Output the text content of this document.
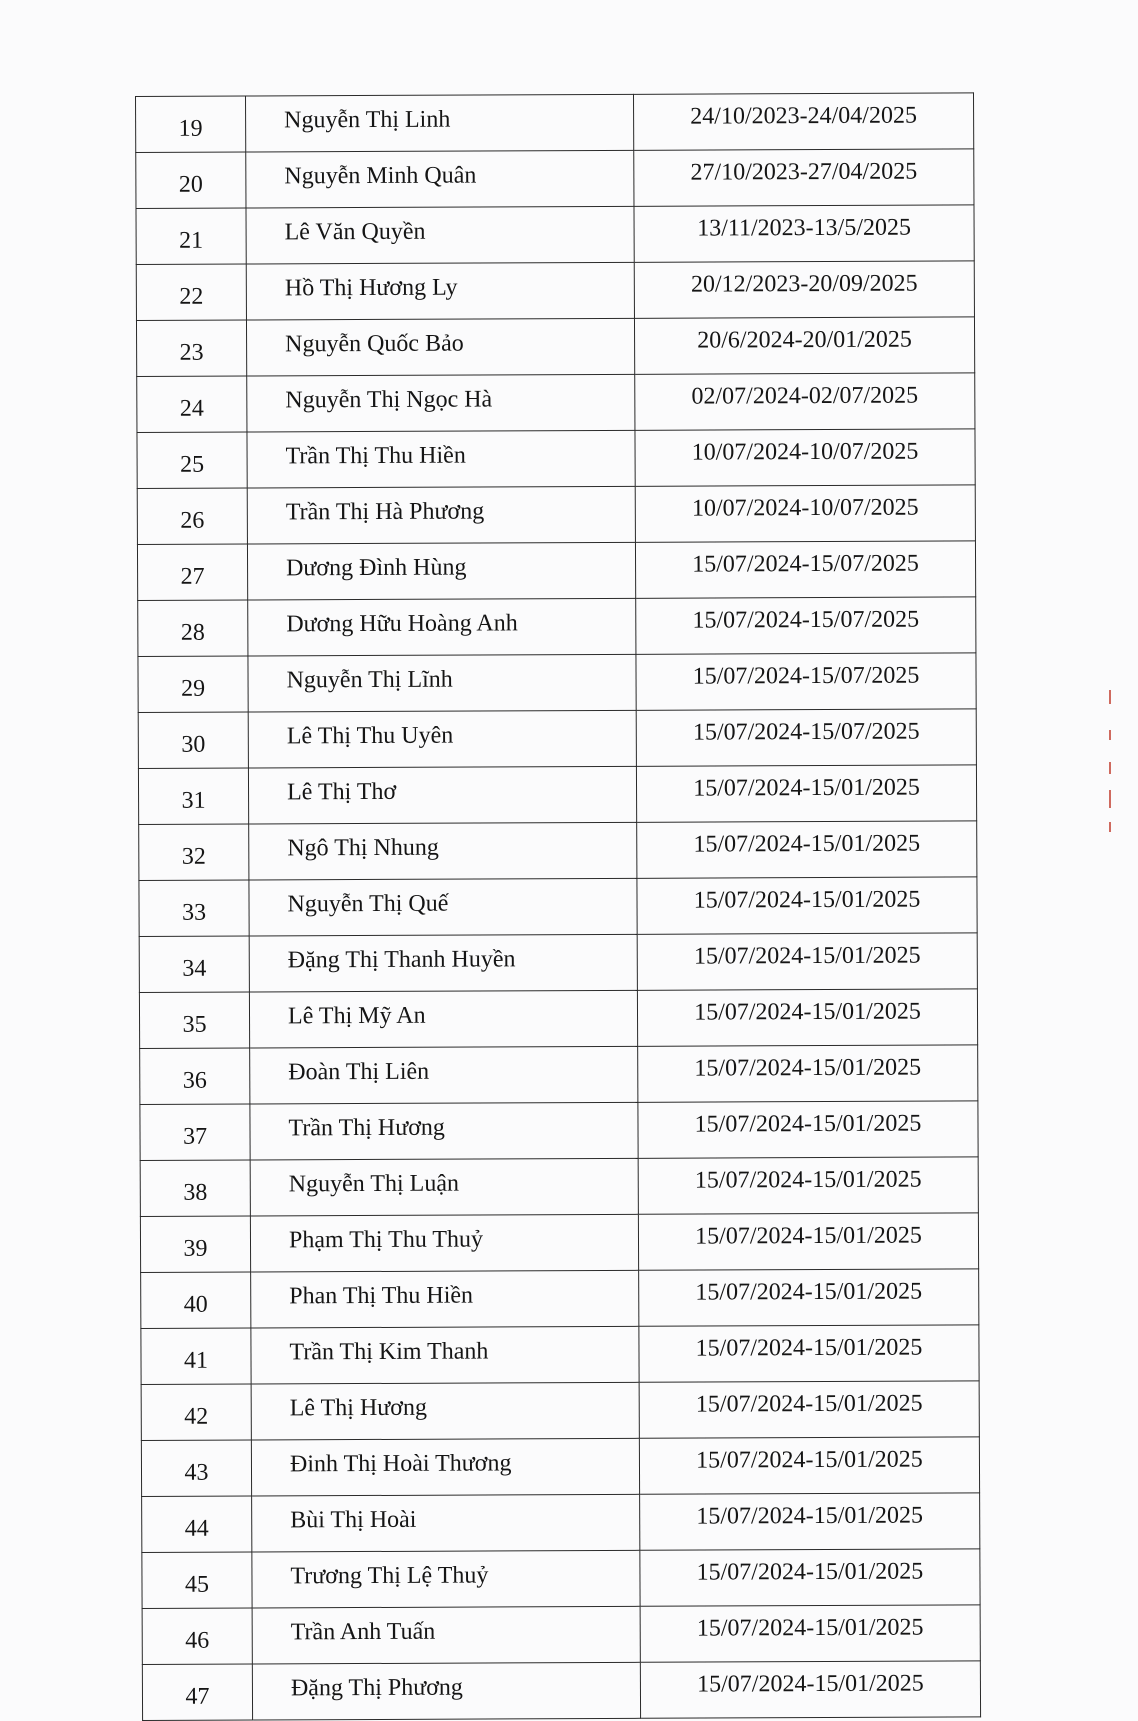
19	Nguyễn Thị Linh	24/10/2023-24/04/2025
20	Nguyễn Minh Quân	27/10/2023-27/04/2025
21	Lê Văn Quyền	13/11/2023-13/5/2025
22	Hồ Thị Hương Ly	20/12/2023-20/09/2025
23	Nguyễn Quốc Bảo	20/6/2024-20/01/2025
24	Nguyễn Thị Ngọc Hà	02/07/2024-02/07/2025
25	Trần Thị Thu Hiền	10/07/2024-10/07/2025
26	Trần Thị Hà Phương	10/07/2024-10/07/2025
27	Dương Đình Hùng	15/07/2024-15/07/2025
28	Dương Hữu Hoàng Anh	15/07/2024-15/07/2025
29	Nguyễn Thị Lĩnh	15/07/2024-15/07/2025
30	Lê Thị Thu Uyên	15/07/2024-15/07/2025
31	Lê Thị Thơ	15/07/2024-15/01/2025
32	Ngô Thị Nhung	15/07/2024-15/01/2025
33	Nguyễn Thị Quế	15/07/2024-15/01/2025
34	Đặng Thị Thanh Huyền	15/07/2024-15/01/2025
35	Lê Thị Mỹ An	15/07/2024-15/01/2025
36	Đoàn Thị Liên	15/07/2024-15/01/2025
37	Trần Thị Hương	15/07/2024-15/01/2025
38	Nguyễn Thị Luận	15/07/2024-15/01/2025
39	Phạm Thị Thu Thuỷ	15/07/2024-15/01/2025
40	Phan Thị Thu Hiền	15/07/2024-15/01/2025
41	Trần Thị Kim Thanh	15/07/2024-15/01/2025
42	Lê Thị Hương	15/07/2024-15/01/2025
43	Đinh Thị Hoài Thương	15/07/2024-15/01/2025
44	Bùi Thị Hoài	15/07/2024-15/01/2025
45	Trương Thị Lệ Thuỷ	15/07/2024-15/01/2025
46	Trần Anh Tuấn	15/07/2024-15/01/2025
47	Đặng Thị Phương	15/07/2024-15/01/2025
